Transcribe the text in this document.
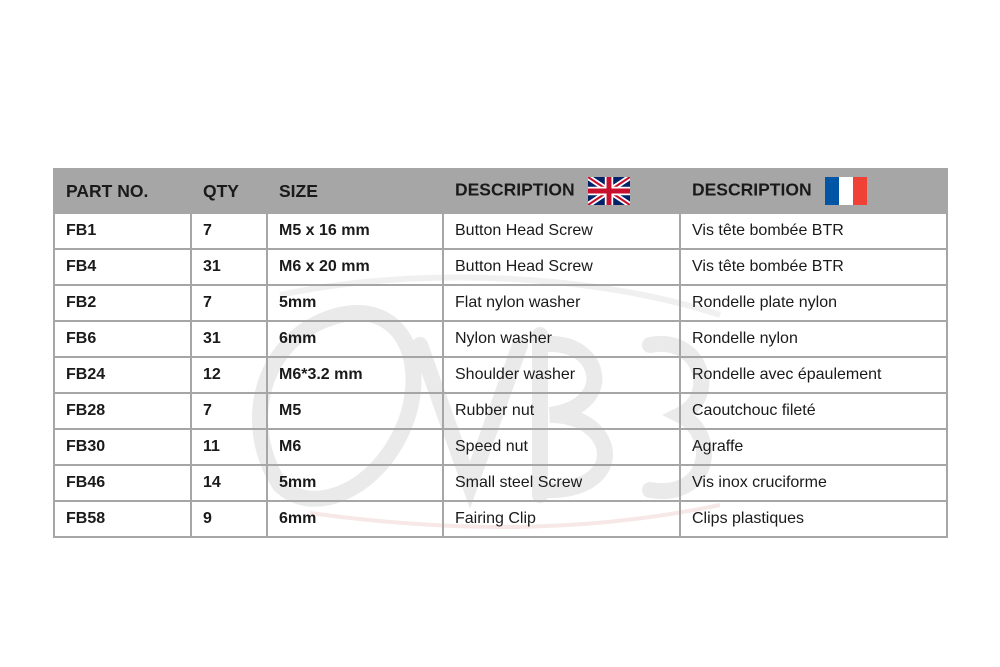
PART NO.	QTY	SIZE	DESCRIPTION	DESCRIPTION
FB1	7	M5 x 16 mm	Button Head Screw	Vis tête bombée BTR
FB4	31	M6 x 20 mm	Button Head Screw	Vis tête bombée BTR
FB2	7	5mm	Flat nylon washer	Rondelle plate nylon
FB6	31	6mm	Nylon washer	Rondelle nylon
FB24	12	M6*3.2 mm	Shoulder washer	Rondelle avec épaulement
FB28	7	M5	Rubber nut	Caoutchouc fileté
FB30	11	M6	Speed nut	Agraffe
FB46	14	5mm	Small steel Screw	Vis inox cruciforme
FB58	9	6mm	Fairing Clip	Clips plastiques
